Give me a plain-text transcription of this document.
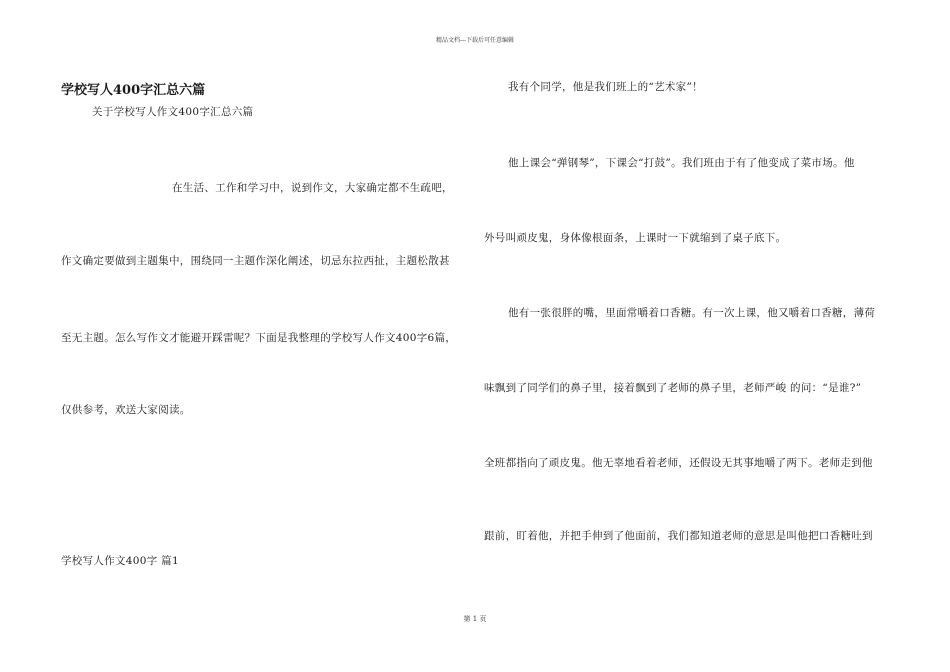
精品文档---下载后可任意编辑
学校写人400字汇总六篇
关于学校写人作文400字汇总六篇
在生活、工作和学习中，说到作文，大家确定都不生疏吧，
作文确定要做到主题集中，围绕同一主题作深化阐述，切忌东拉西扯，主题松散甚
至无主题。怎么写作文才能避开踩雷呢？下面是我整理的学校写人作文400字6篇，
仅供参考，欢送大家阅读。
学校写人作文400字 篇1
我有个同学，他是我们班上的“艺术家”！
他上课会“弹钢琴”，下课会“打鼓”。我们班由于有了他变成了菜市场。他
外号叫顽皮鬼，身体像根面条，上课时一下就缩到了桌子底下。
他有一张很胖的嘴，里面常嚼着口香糖。有一次上课，他又嚼着口香糖，薄荷
味飘到了同学们的鼻子里，接着飘到了老师的鼻子里，老师严峻 的问：“是谁?”
全班都指向了顽皮鬼。他无辜地看着老师，还假设无其事地嚼了两下。老师走到他
跟前，盯着他，并把手伸到了他面前，我们都知道老师的意思是叫他把口香糖吐到
第 1 页
